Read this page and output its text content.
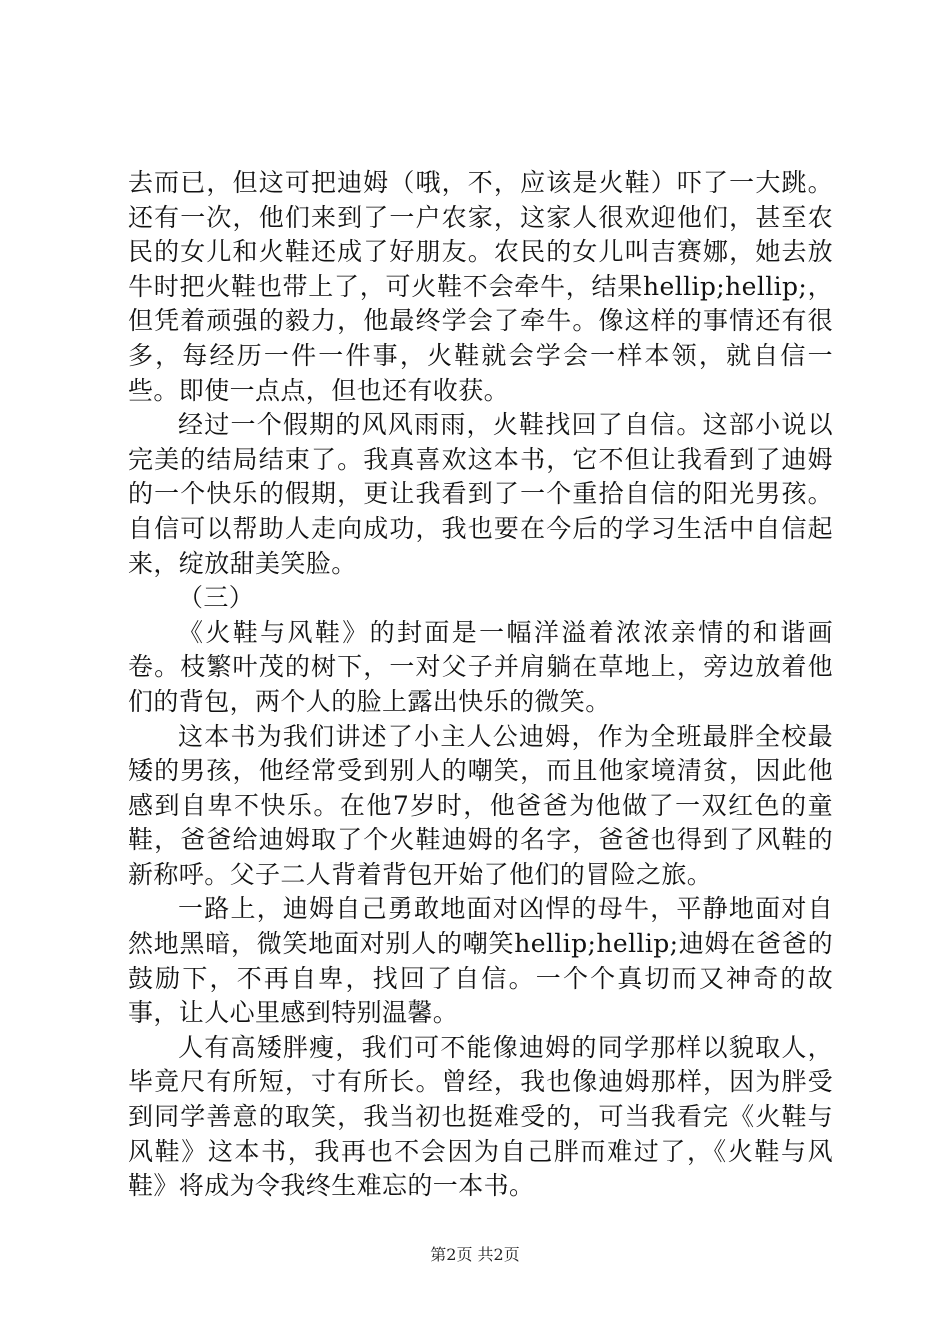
去而已，但这可把迪姆（哦，不，应该是火鞋）吓了一大跳。还有一次，他们来到了一户农家，这家人很欢迎他们，甚至农民的女儿和火鞋还成了好朋友。农民的女儿叫吉赛娜，她去放牛时把火鞋也带上了，可火鞋不会牵牛，结果hellip;hellip;，但凭着顽强的毅力，他最终学会了牵牛。像这样的事情还有很多，每经历一件一件事，火鞋就会学会一样本领，就自信一些。即使一点点，但也还有收获。

经过一个假期的风风雨雨，火鞋找回了自信。这部小说以完美的结局结束了。我真喜欢这本书，它不但让我看到了迪姆的一个快乐的假期，更让我看到了一个重拾自信的阳光男孩。自信可以帮助人走向成功，我也要在今后的学习生活中自信起来，绽放甜美笑脸。

（三）

《火鞋与风鞋》的封面是一幅洋溢着浓浓亲情的和谐画卷。枝繁叶茂的树下，一对父子并肩躺在草地上，旁边放着他们的背包，两个人的脸上露出快乐的微笑。

这本书为我们讲述了小主人公迪姆，作为全班最胖全校最矮的男孩，他经常受到别人的嘲笑，而且他家境清贫，因此他感到自卑不快乐。在他7岁时，他爸爸为他做了一双红色的童鞋，爸爸给迪姆取了个火鞋迪姆的名字，爸爸也得到了风鞋的新称呼。父子二人背着背包开始了他们的冒险之旅。

一路上，迪姆自己勇敢地面对凶悍的母牛，平静地面对自然地黑暗，微笑地面对别人的嘲笑hellip;hellip;迪姆在爸爸的鼓励下，不再自卑，找回了自信。一个个真切而又神奇的故事，让人心里感到特别温馨。

人有高矮胖瘦，我们可不能像迪姆的同学那样以貌取人，毕竟尺有所短，寸有所长。曾经，我也像迪姆那样，因为胖受到同学善意的取笑，我当初也挺难受的，可当我看完《火鞋与风鞋》这本书，我再也不会因为自己胖而难过了，《火鞋与风鞋》将成为令我终生难忘的一本书。

第2页 共2页
